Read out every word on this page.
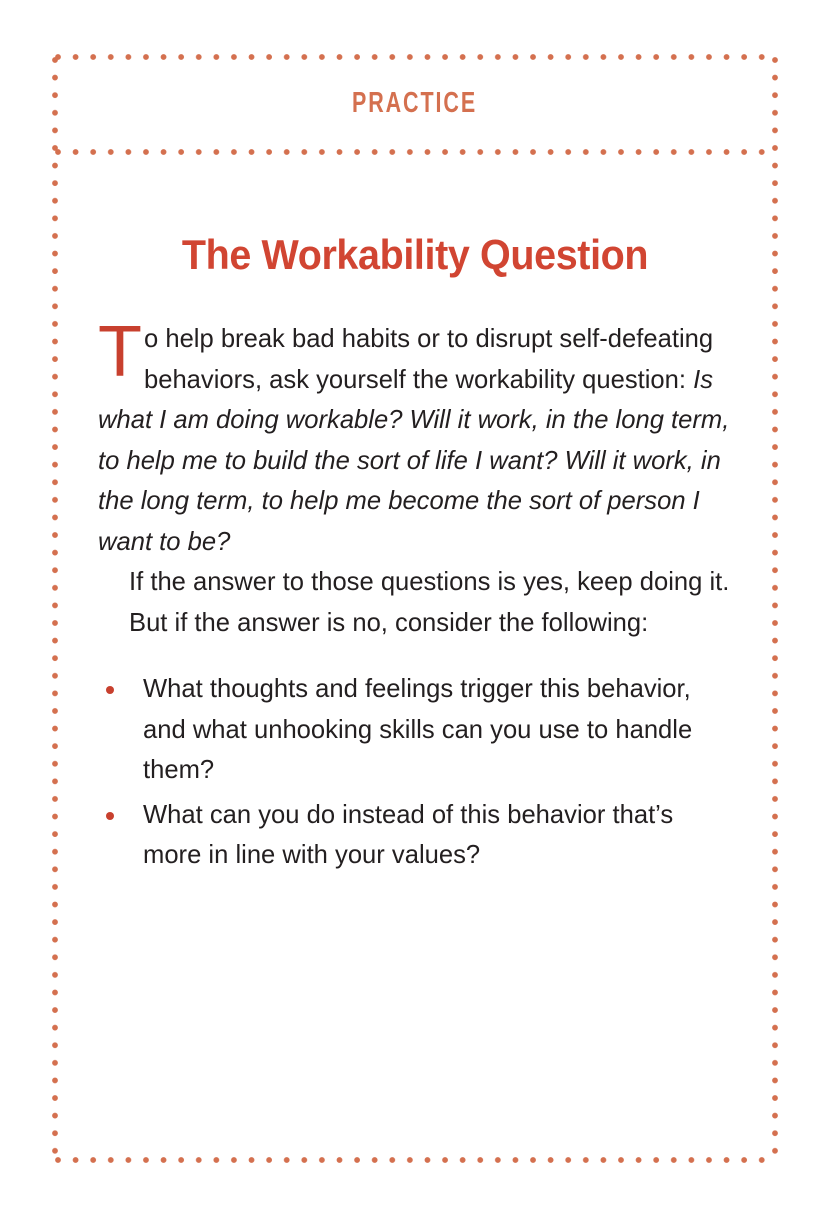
PRACTICE
The Workability Question

To help break bad habits or to disrupt self-defeating behaviors, ask yourself the workability question: Is what I am doing workable? Will it work, in the long term, to help me to build the sort of life I want? Will it work, in the long term, to help me become the sort of person I want to be?

If the answer to those questions is yes, keep doing it.

But if the answer is no, consider the following:

What thoughts and feelings trigger this behavior, and what unhooking skills can you use to handle them?
What can you do instead of this behavior that’s more in line with your values?
